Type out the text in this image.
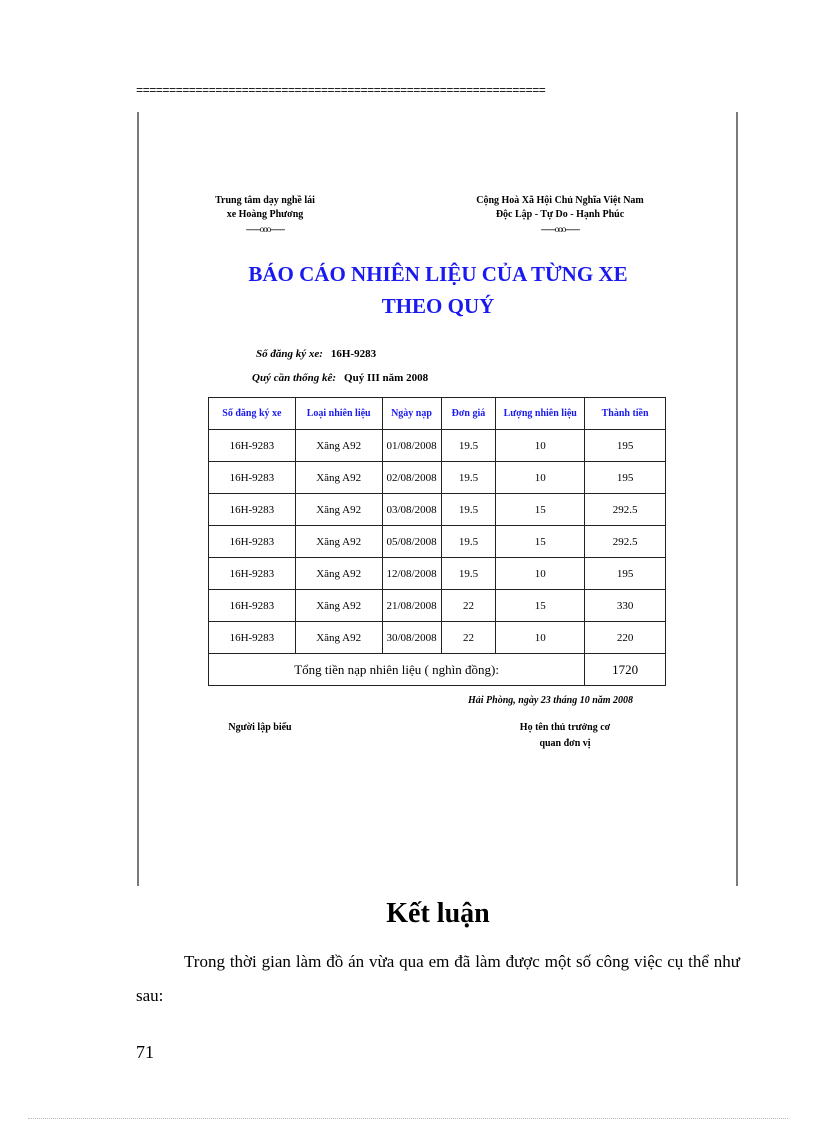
==============================================================
Trung tâm dạy nghề lái
xe Hoàng Phương
-------ooo-------
Cộng Hoà Xã Hội Chủ Nghĩa Việt Nam
Độc Lập - Tự Do - Hạnh Phúc
-------ooo-------
BÁO CÁO NHIÊN LIỆU CỦA TỪNG XE
THEO QUÝ
Số đăng ký xe: 16H-9283
Quý cần thống kê: Quý III năm 2008
Số đăng ký xe	Loại nhiên liệu	Ngày nạp	Đơn giá	Lượng nhiên liệu	Thành tiền
16H-9283	Xăng A92	01/08/2008	19.5	10	195
16H-9283	Xăng A92	02/08/2008	19.5	10	195
16H-9283	Xăng A92	03/08/2008	19.5	15	292.5
16H-9283	Xăng A92	05/08/2008	19.5	15	292.5
16H-9283	Xăng A92	12/08/2008	19.5	10	195
16H-9283	Xăng A92	21/08/2008	22	15	330
16H-9283	Xăng A92	30/08/2008	22	10	220
Tổng tiền nạp nhiên liệu ( nghìn đồng):					1720
Hải Phòng, ngày 23 tháng 10 năm 2008
Người lập biểu	Họ tên thủ trưởng cơ
quan đơn vị
Kết luận
Trong thời gian làm đồ án vừa qua em đã làm được một số công việc cụ thể như sau:
71
